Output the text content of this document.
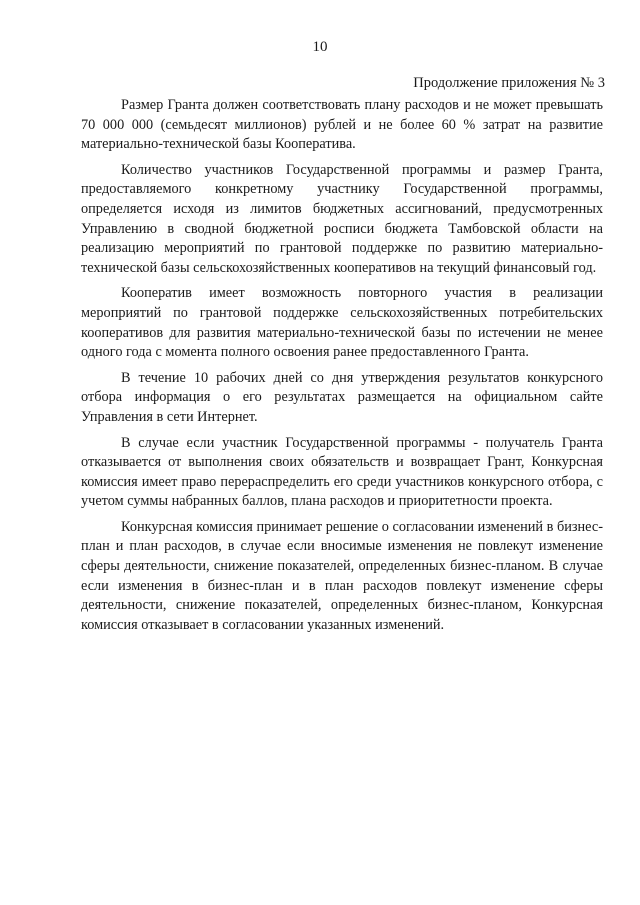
10
Продолжение приложения № 3

Размер Гранта должен соответствовать плану расходов и не может превышать 70 000 000 (семьдесят миллионов) рублей и не более 60 % затрат на развитие материально-технической базы Кооператива.

Количество участников Государственной программы и размер Гранта, предоставляемого конкретному участнику Государственной программы, определяется исходя из лимитов бюджетных ассигнований, предусмотренных Управлению в сводной бюджетной росписи бюджета Тамбовской области на реализацию мероприятий по грантовой поддержке по развитию материально-технической базы сельскохозяйственных кооперативов на текущий финансовый год.

Кооператив имеет возможность повторного участия в реализации мероприятий по грантовой поддержке сельскохозяйственных потребительских кооперативов для развития материально-технической базы по истечении не менее одного года с момента полного освоения ранее предоставленного Гранта.

В течение 10 рабочих дней со дня утверждения результатов конкурсного отбора информация о его результатах размещается на официальном сайте Управления в сети Интернет.

В случае если участник Государственной программы - получатель Гранта отказывается от выполнения своих обязательств и возвращает Грант, Конкурсная комиссия имеет право перераспределить его среди участников конкурсного отбора, с учетом суммы набранных баллов, плана расходов и приоритетности проекта.

Конкурсная комиссия принимает решение о согласовании изменений в бизнес-план и план расходов, в случае если вносимые изменения не повлекут изменение сферы деятельности, снижение показателей, определенных бизнес-планом. В случае если изменения в бизнес-план и в план расходов повлекут изменение сферы деятельности, снижение показателей, определенных бизнес-планом, Конкурсная комиссия отказывает в согласовании указанных изменений.
